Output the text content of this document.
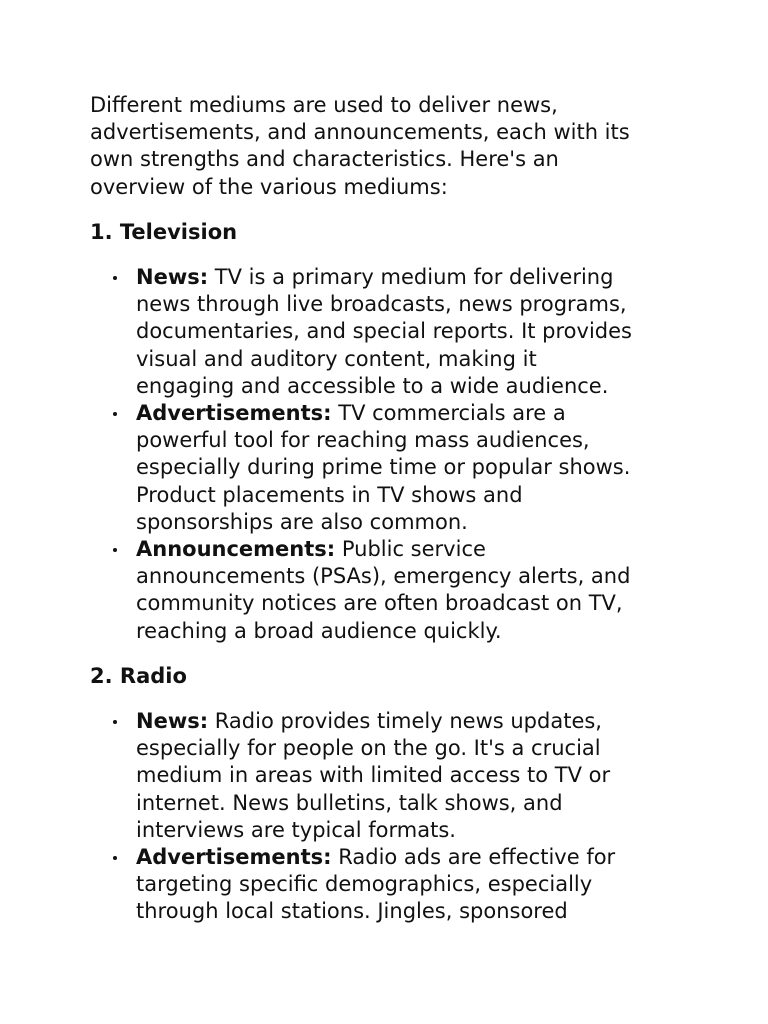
Different mediums are used to deliver news,
advertisements, and announcements, each with its
own strengths and characteristics. Here's an
overview of the various mediums:

1. Television
News: TV is a primary medium for delivering
news through live broadcasts, news programs,
documentaries, and special reports. It provides
visual and auditory content, making it
engaging and accessible to a wide audience.
Advertisements: TV commercials are a
powerful tool for reaching mass audiences,
especially during prime time or popular shows.
Product placements in TV shows and
sponsorships are also common.
Announcements: Public service
announcements (PSAs), emergency alerts, and
community notices are often broadcast on TV,
reaching a broad audience quickly.
2. Radio
News: Radio provides timely news updates,
especially for people on the go. It's a crucial
medium in areas with limited access to TV or
internet. News bulletins, talk shows, and
interviews are typical formats.
Advertisements: Radio ads are effective for
targeting specific demographics, especially
through local stations. Jingles, sponsored
